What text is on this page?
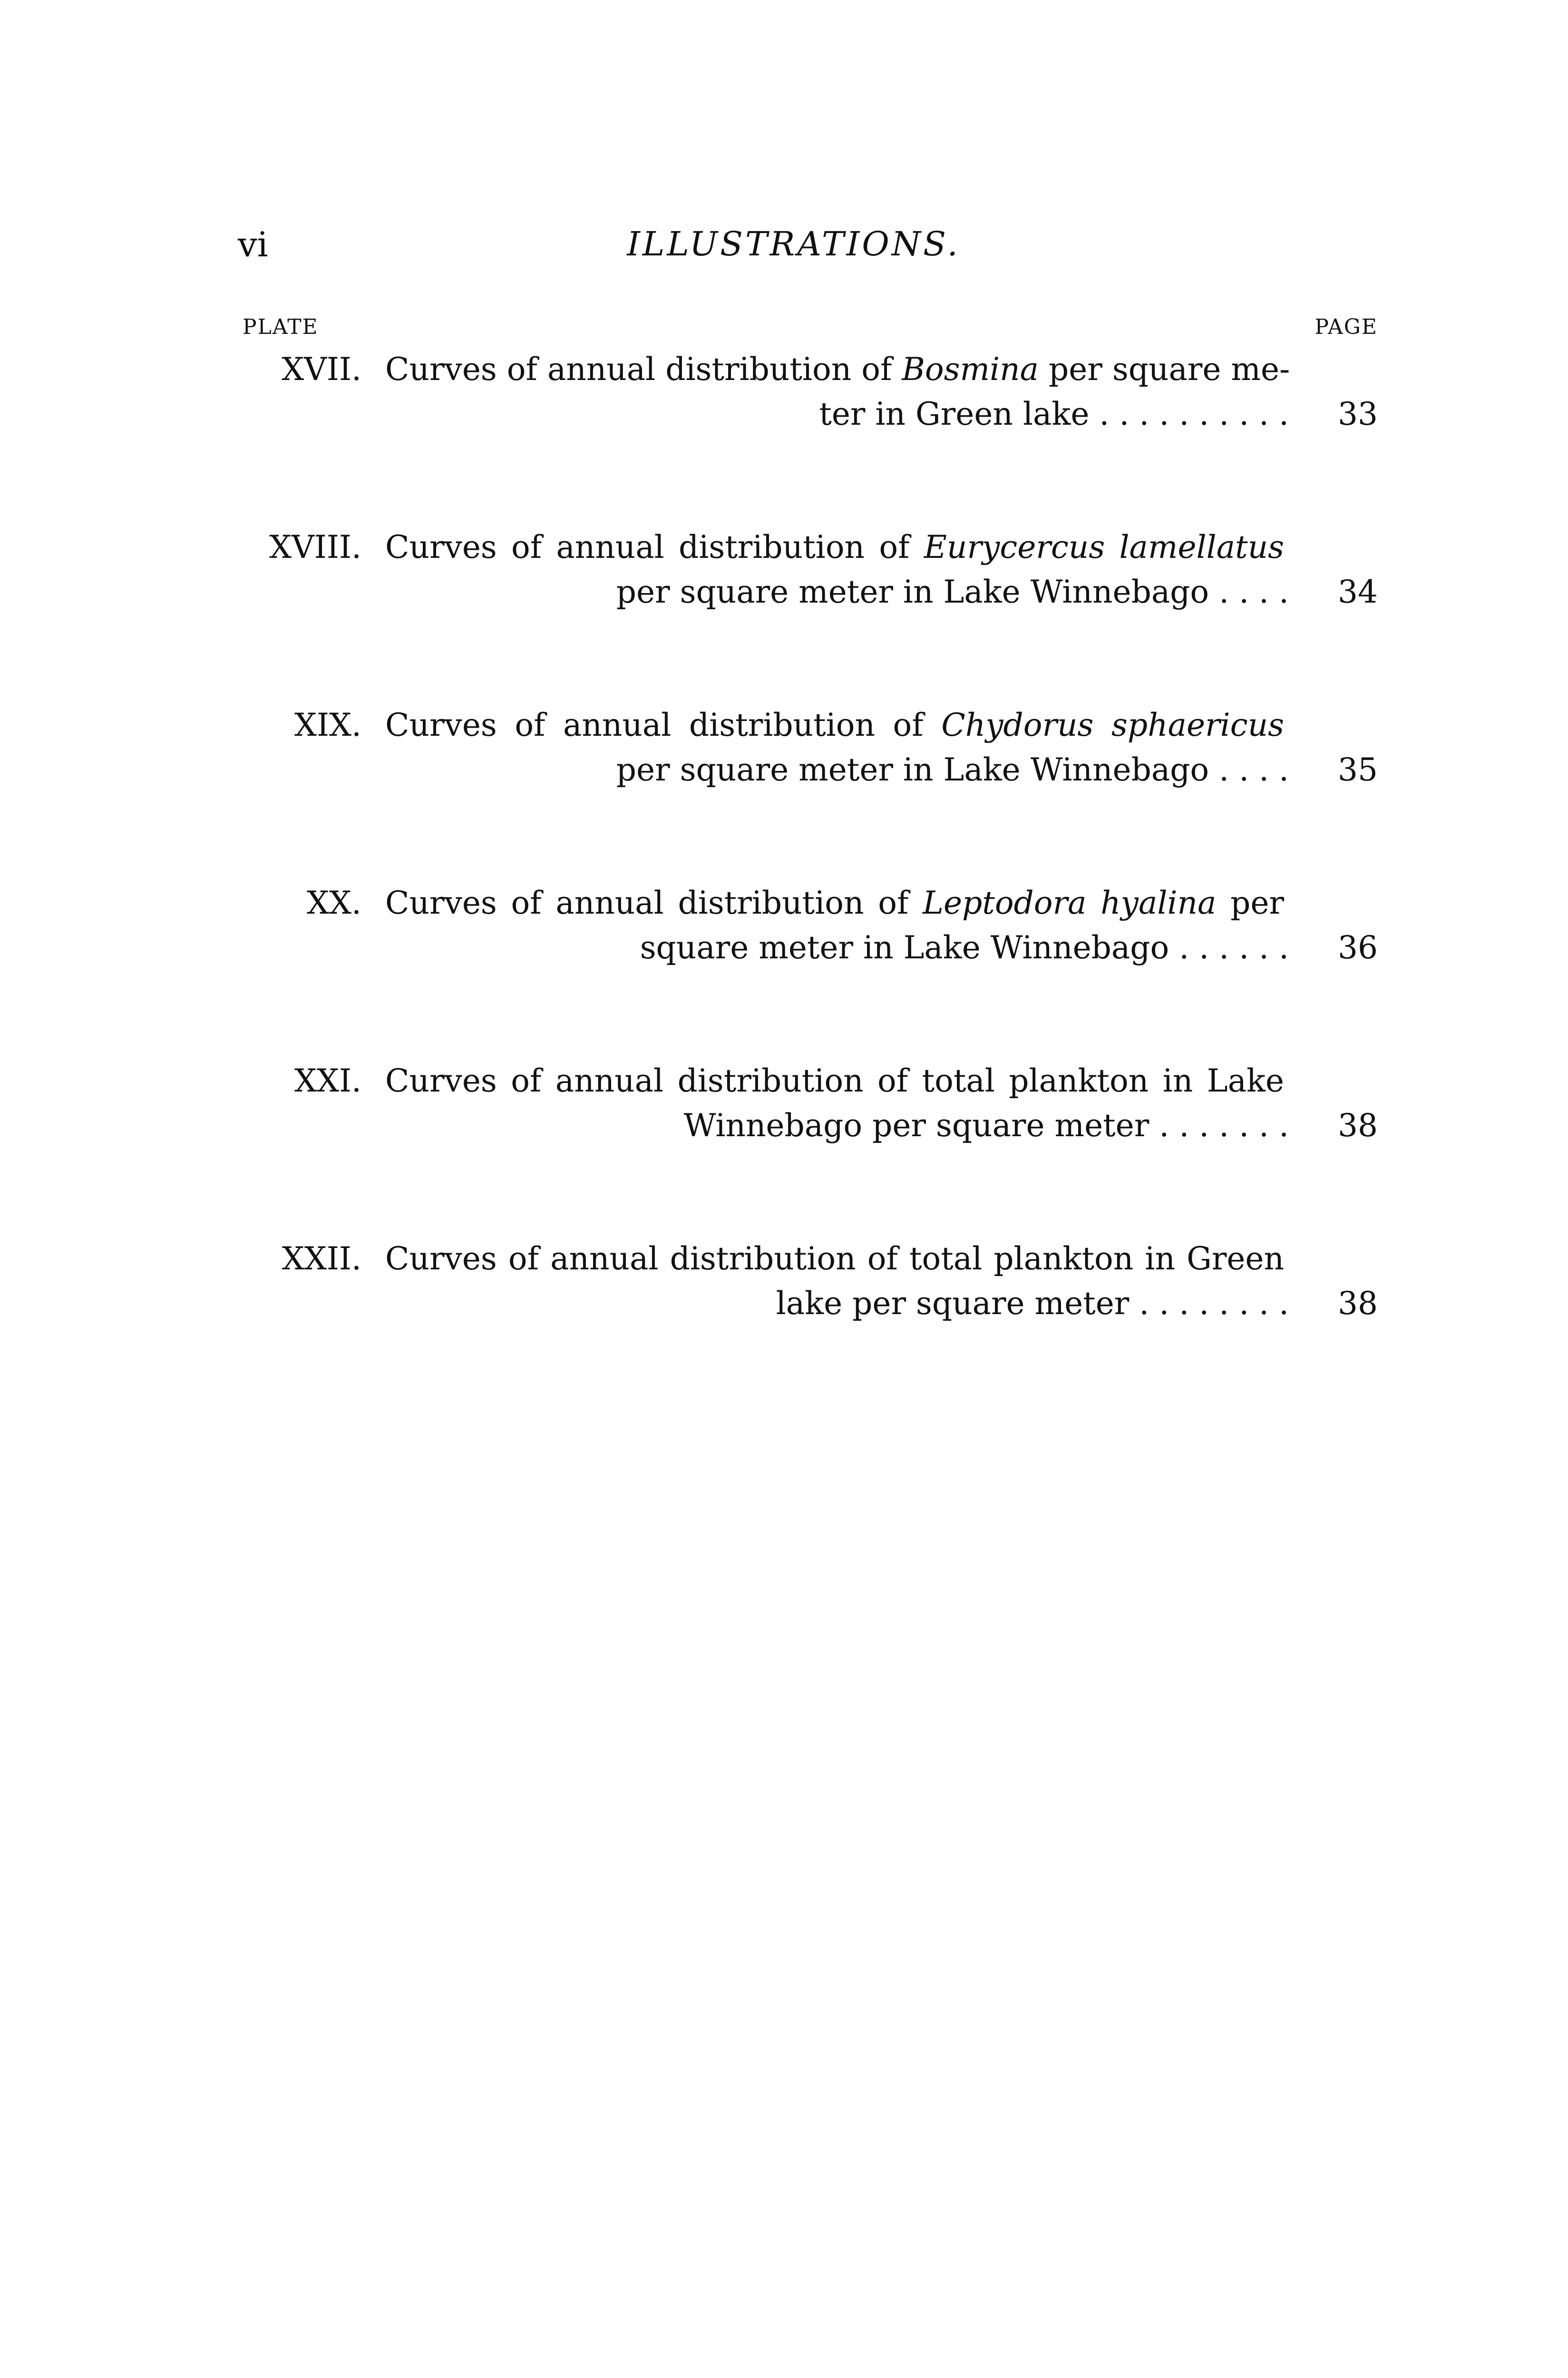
vi	ILLUSTRATIONS.
PLATE	PAGE
XVII. Curves of annual distribution of Bosmina per square me-
ter in Green lake . . . . . . . . . . 33
XVIII. Curves of annual distribution of Eurycercus lamellatus
per square meter in Lake Winnebago . . . . 34
XIX. Curves of annual distribution of Chydorus sphaericus
per square meter in Lake Winnebago . . . . 35
XX. Curves of annual distribution of Leptodora hyalina per
square meter in Lake Winnebago . . . . . . 36
XXI. Curves of annual distribution of total plankton in Lake
Winnebago per square meter . . . . . . . 38
XXII. Curves of annual distribution of total plankton in Green
lake per square meter . . . . . . . . 38
